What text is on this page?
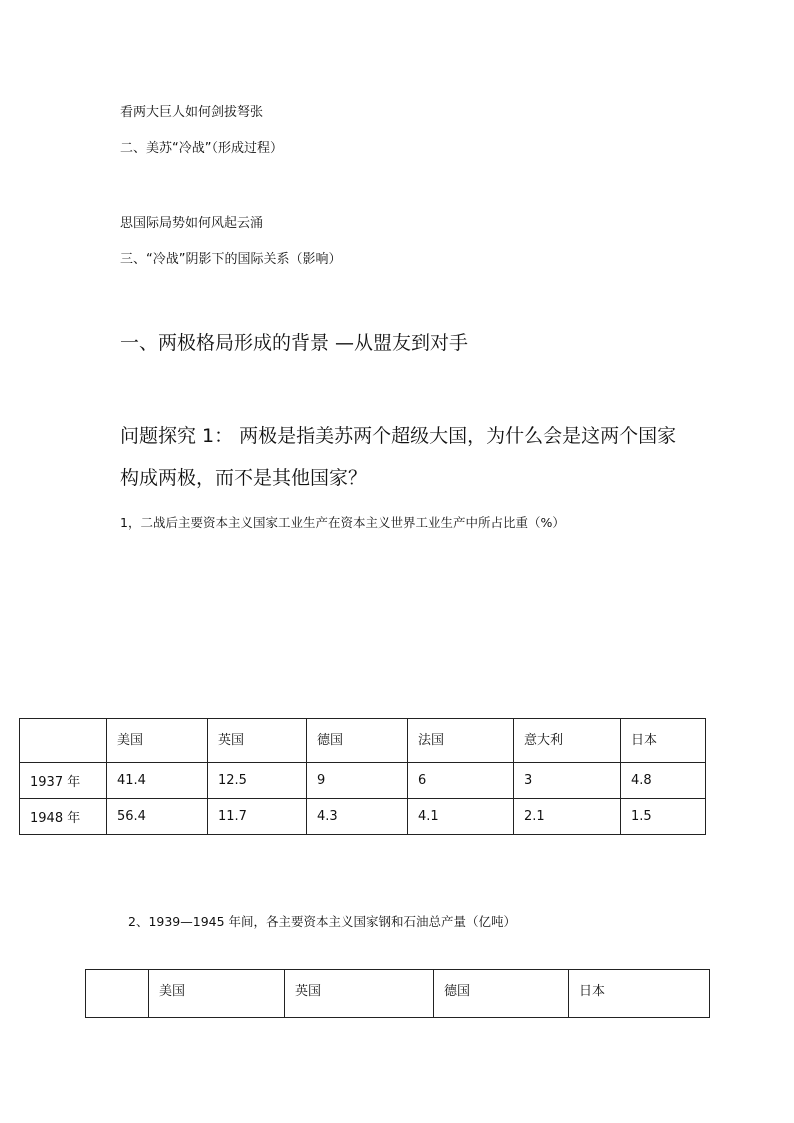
看两大巨人如何剑拔弩张
二、美苏“冷战”（形成过程）
思国际局势如何风起云涌
三、“冷战”阴影下的国际关系（影响）
一、两极格局形成的背景 —从盟友到对手
问题探究 1： 两极是指美苏两个超级大国，为什么会是这两个国家
构成两极，而不是其他国家？
1，二战后主要资本主义国家工业生产在资本主义世界工业生产中所占比重（%）
	美国	英国	德国	法国	意大利	日本
1937 年	41.4	12.5	9	6	3	4.8
1948 年	56.4	11.7	4.3	4.1	2.1	1.5
2、1939—1945 年间，各主要资本主义国家钢和石油总产量（亿吨）
	美国	英国	德国	日本
